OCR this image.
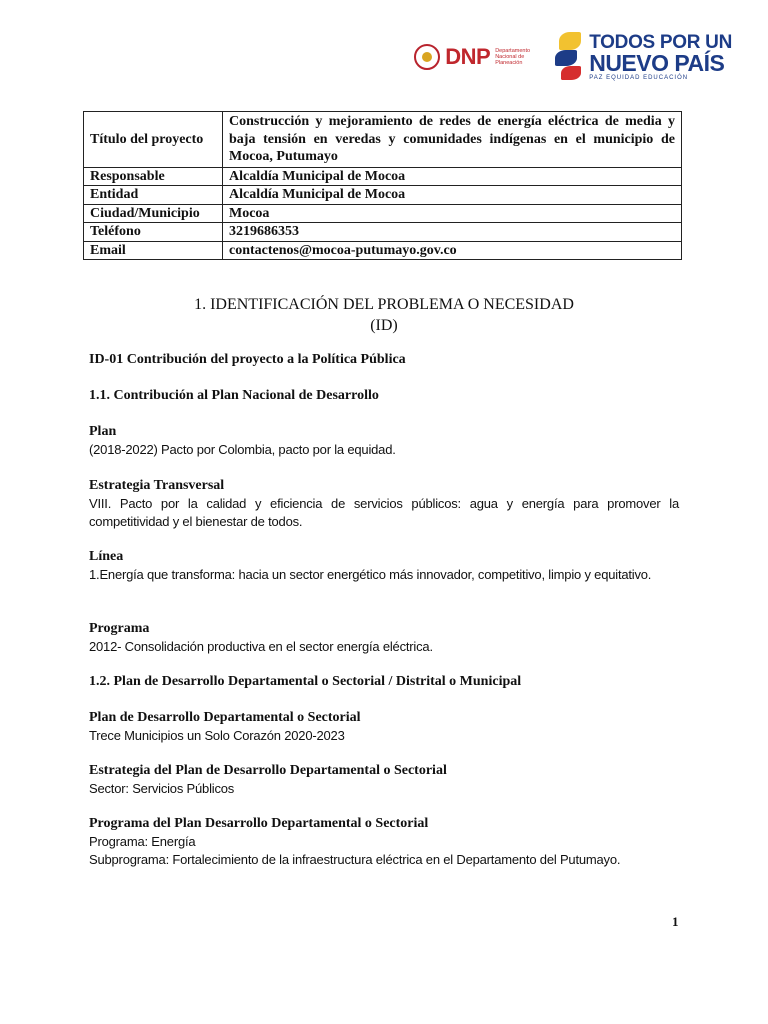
DNP Departamento Nacional de Planeación
TODOS POR UN
NUEVO PAÍS
PAZ EQUIDAD EDUCACIÓN
Título del proyecto	Construcción y mejoramiento de redes de energía eléctrica de media y baja tensión en veredas y comunidades indígenas en el municipio de Mocoa, Putumayo
Responsable	Alcaldía Municipal de Mocoa
Entidad	Alcaldía Municipal de Mocoa
Ciudad/Municipio	Mocoa
Teléfono	3219686353
Email	contactenos@mocoa-putumayo.gov.co
1. IDENTIFICACIÓN DEL PROBLEMA O NECESIDAD
(ID)
ID-01 Contribución del proyecto a la Política Pública
1.1. Contribución al Plan Nacional de Desarrollo
Plan
(2018-2022) Pacto por Colombia, pacto por la equidad.
Estrategia Transversal
VIII. Pacto por la calidad y eficiencia de servicios públicos: agua y energía para promover la competitividad y el bienestar de todos.
Línea
1.Energía que transforma: hacia un sector energético más innovador, competitivo, limpio y equitativo.
Programa
2012- Consolidación productiva en el sector energía eléctrica.
1.2. Plan de Desarrollo Departamental o Sectorial / Distrital o Municipal
Plan de Desarrollo Departamental o Sectorial
Trece Municipios un Solo Corazón 2020-2023
Estrategia del Plan de Desarrollo Departamental o Sectorial
Sector: Servicios Públicos
Programa del Plan Desarrollo Departamental o Sectorial
Programa: Energía
Subprograma: Fortalecimiento de la infraestructura eléctrica en el Departamento del Putumayo.
1
